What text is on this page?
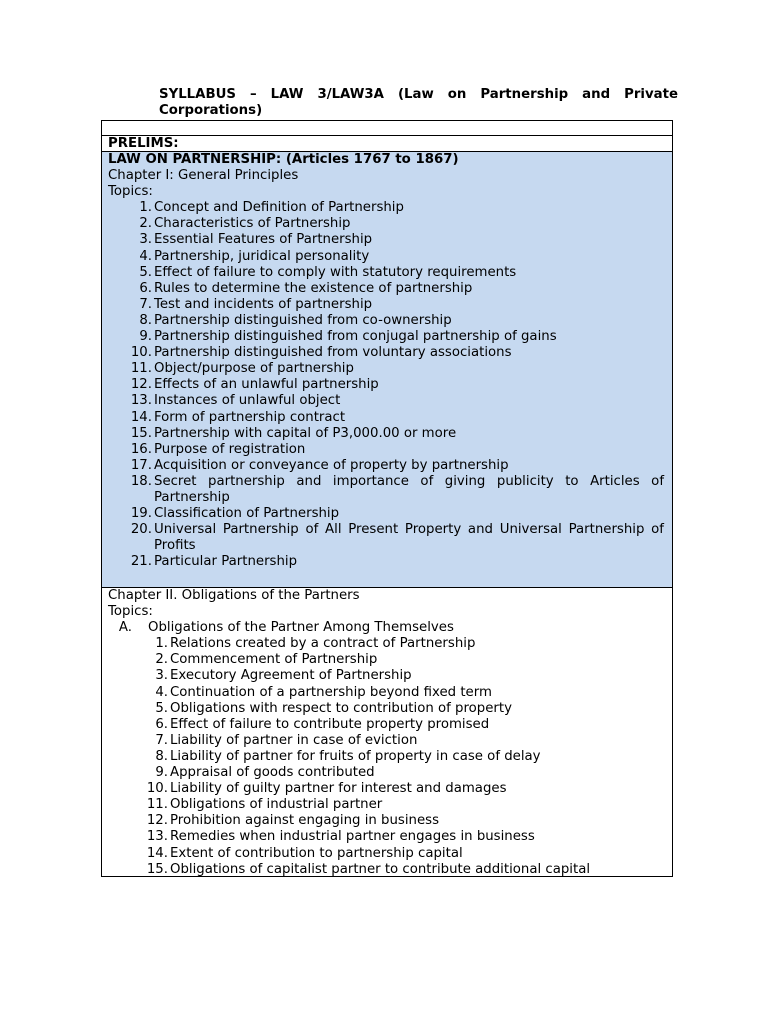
SYLLABUS – LAW 3/LAW3A (Law on Partnership and Private Corporations)

PRELIMS:
LAW ON PARTNERSHIP: (Articles 1767 to 1867)
Chapter I: General Principles
Topics:
1. Concept and Definition of Partnership
2. Characteristics of Partnership
3. Essential Features of Partnership
4. Partnership, juridical personality
5. Effect of failure to comply with statutory requirements
6. Rules to determine the existence of partnership
7. Test and incidents of partnership
8. Partnership distinguished from co-ownership
9. Partnership distinguished from conjugal partnership of gains
10. Partnership distinguished from voluntary associations
11. Object/purpose of partnership
12. Effects of an unlawful partnership
13. Instances of unlawful object
14. Form of partnership contract
15. Partnership with capital of P3,000.00 or more
16. Purpose of registration
17. Acquisition or conveyance of property by partnership
18. Secret partnership and importance of giving publicity to Articles of Partnership
19. Classification of Partnership
20. Universal Partnership of All Present Property and Universal Partnership of Profits
21. Particular Partnership
Chapter II. Obligations of the Partners
Topics:
A.	Obligations of the Partner Among Themselves
1. Relations created by a contract of Partnership
2. Commencement of Partnership
3. Executory Agreement of Partnership
4. Continuation of a partnership beyond fixed term
5. Obligations with respect to contribution of property
6. Effect of failure to contribute property promised
7. Liability of partner in case of eviction
8. Liability of partner for fruits of property in case of delay
9. Appraisal of goods contributed
10. Liability of guilty partner for interest and damages
11. Obligations of industrial partner
12. Prohibition against engaging in business
13. Remedies when industrial partner engages in business
14. Extent of contribution to partnership capital
15. Obligations of capitalist partner to contribute additional capital
